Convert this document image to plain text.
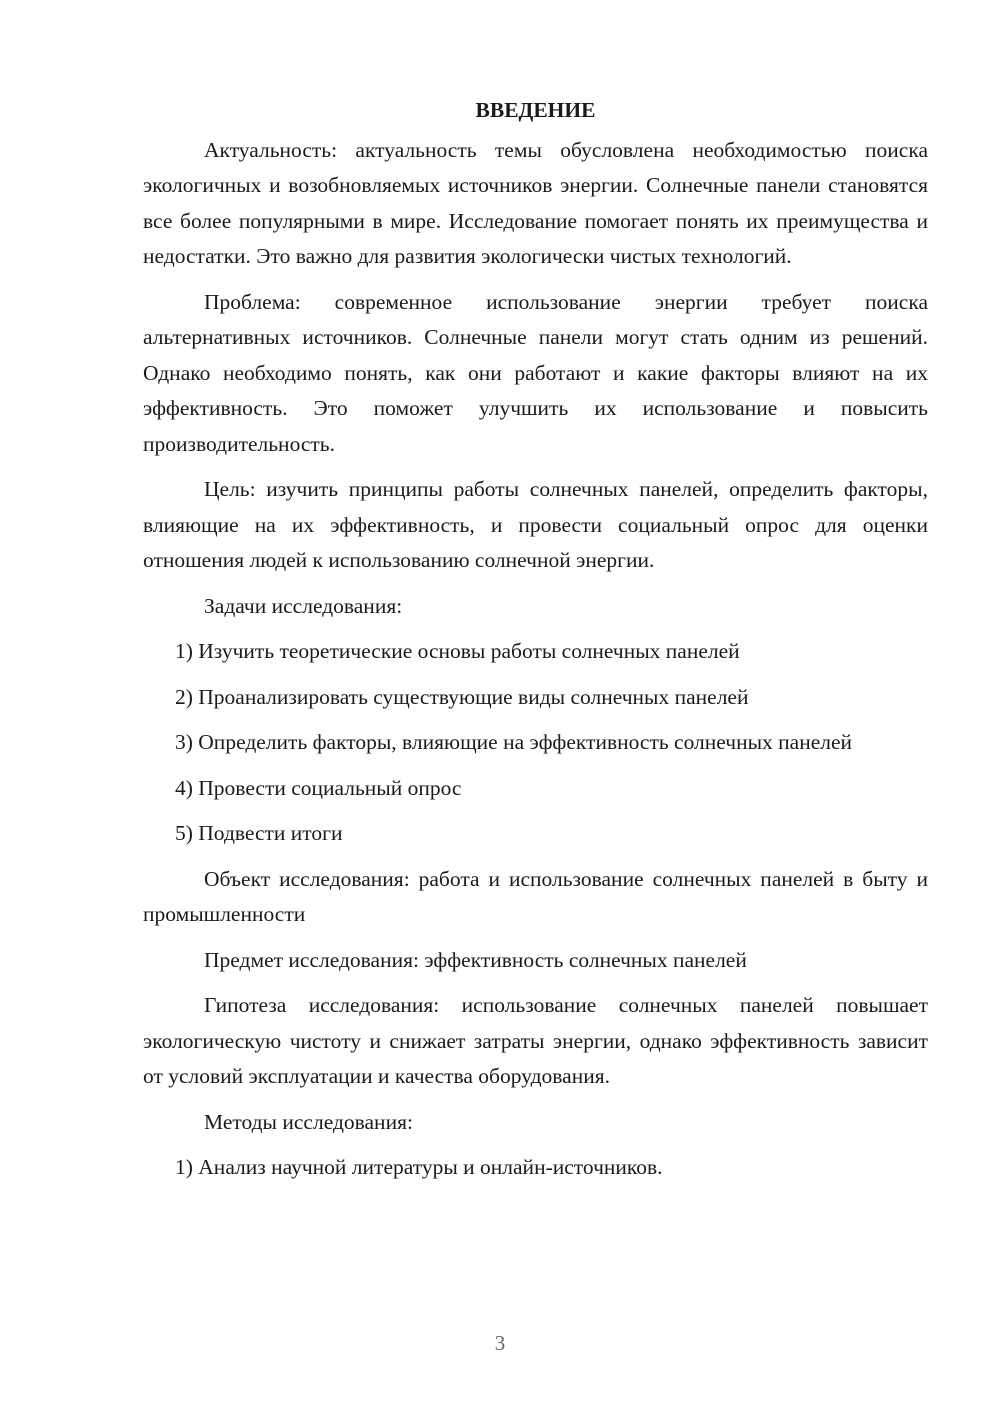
ВВЕДЕНИЕ

Актуальность: актуальность темы обусловлена необходимостью поиска экологичных и возобновляемых источников энергии. Солнечные панели становятся все более популярными в мире. Исследование помогает понять их преимущества и недостатки. Это важно для развития экологически чистых технологий.

Проблема: современное использование энергии требует поиска альтернативных источников. Солнечные панели могут стать одним из решений. Однако необходимо понять, как они работают и какие факторы влияют на их эффективность. Это поможет улучшить их использование и повысить производительность.

Цель: изучить принципы работы солнечных панелей, определить факторы, влияющие на их эффективность, и провести социальный опрос для оценки отношения людей к использованию солнечной энергии.

Задачи исследования:

1) Изучить теоретические основы работы солнечных панелей

2) Проанализировать существующие виды солнечных панелей

3) Определить факторы, влияющие на эффективность солнечных панелей

4) Провести социальный опрос

5) Подвести итоги

Объект исследования: работа и использование солнечных панелей в быту и промышленности

Предмет исследования: эффективность солнечных панелей

Гипотеза исследования: использование солнечных панелей повышает экологическую чистоту и снижает затраты энергии, однако эффективность зависит от условий эксплуатации и качества оборудования.

Методы исследования:

1) Анализ научной литературы и онлайн-источников.

3
